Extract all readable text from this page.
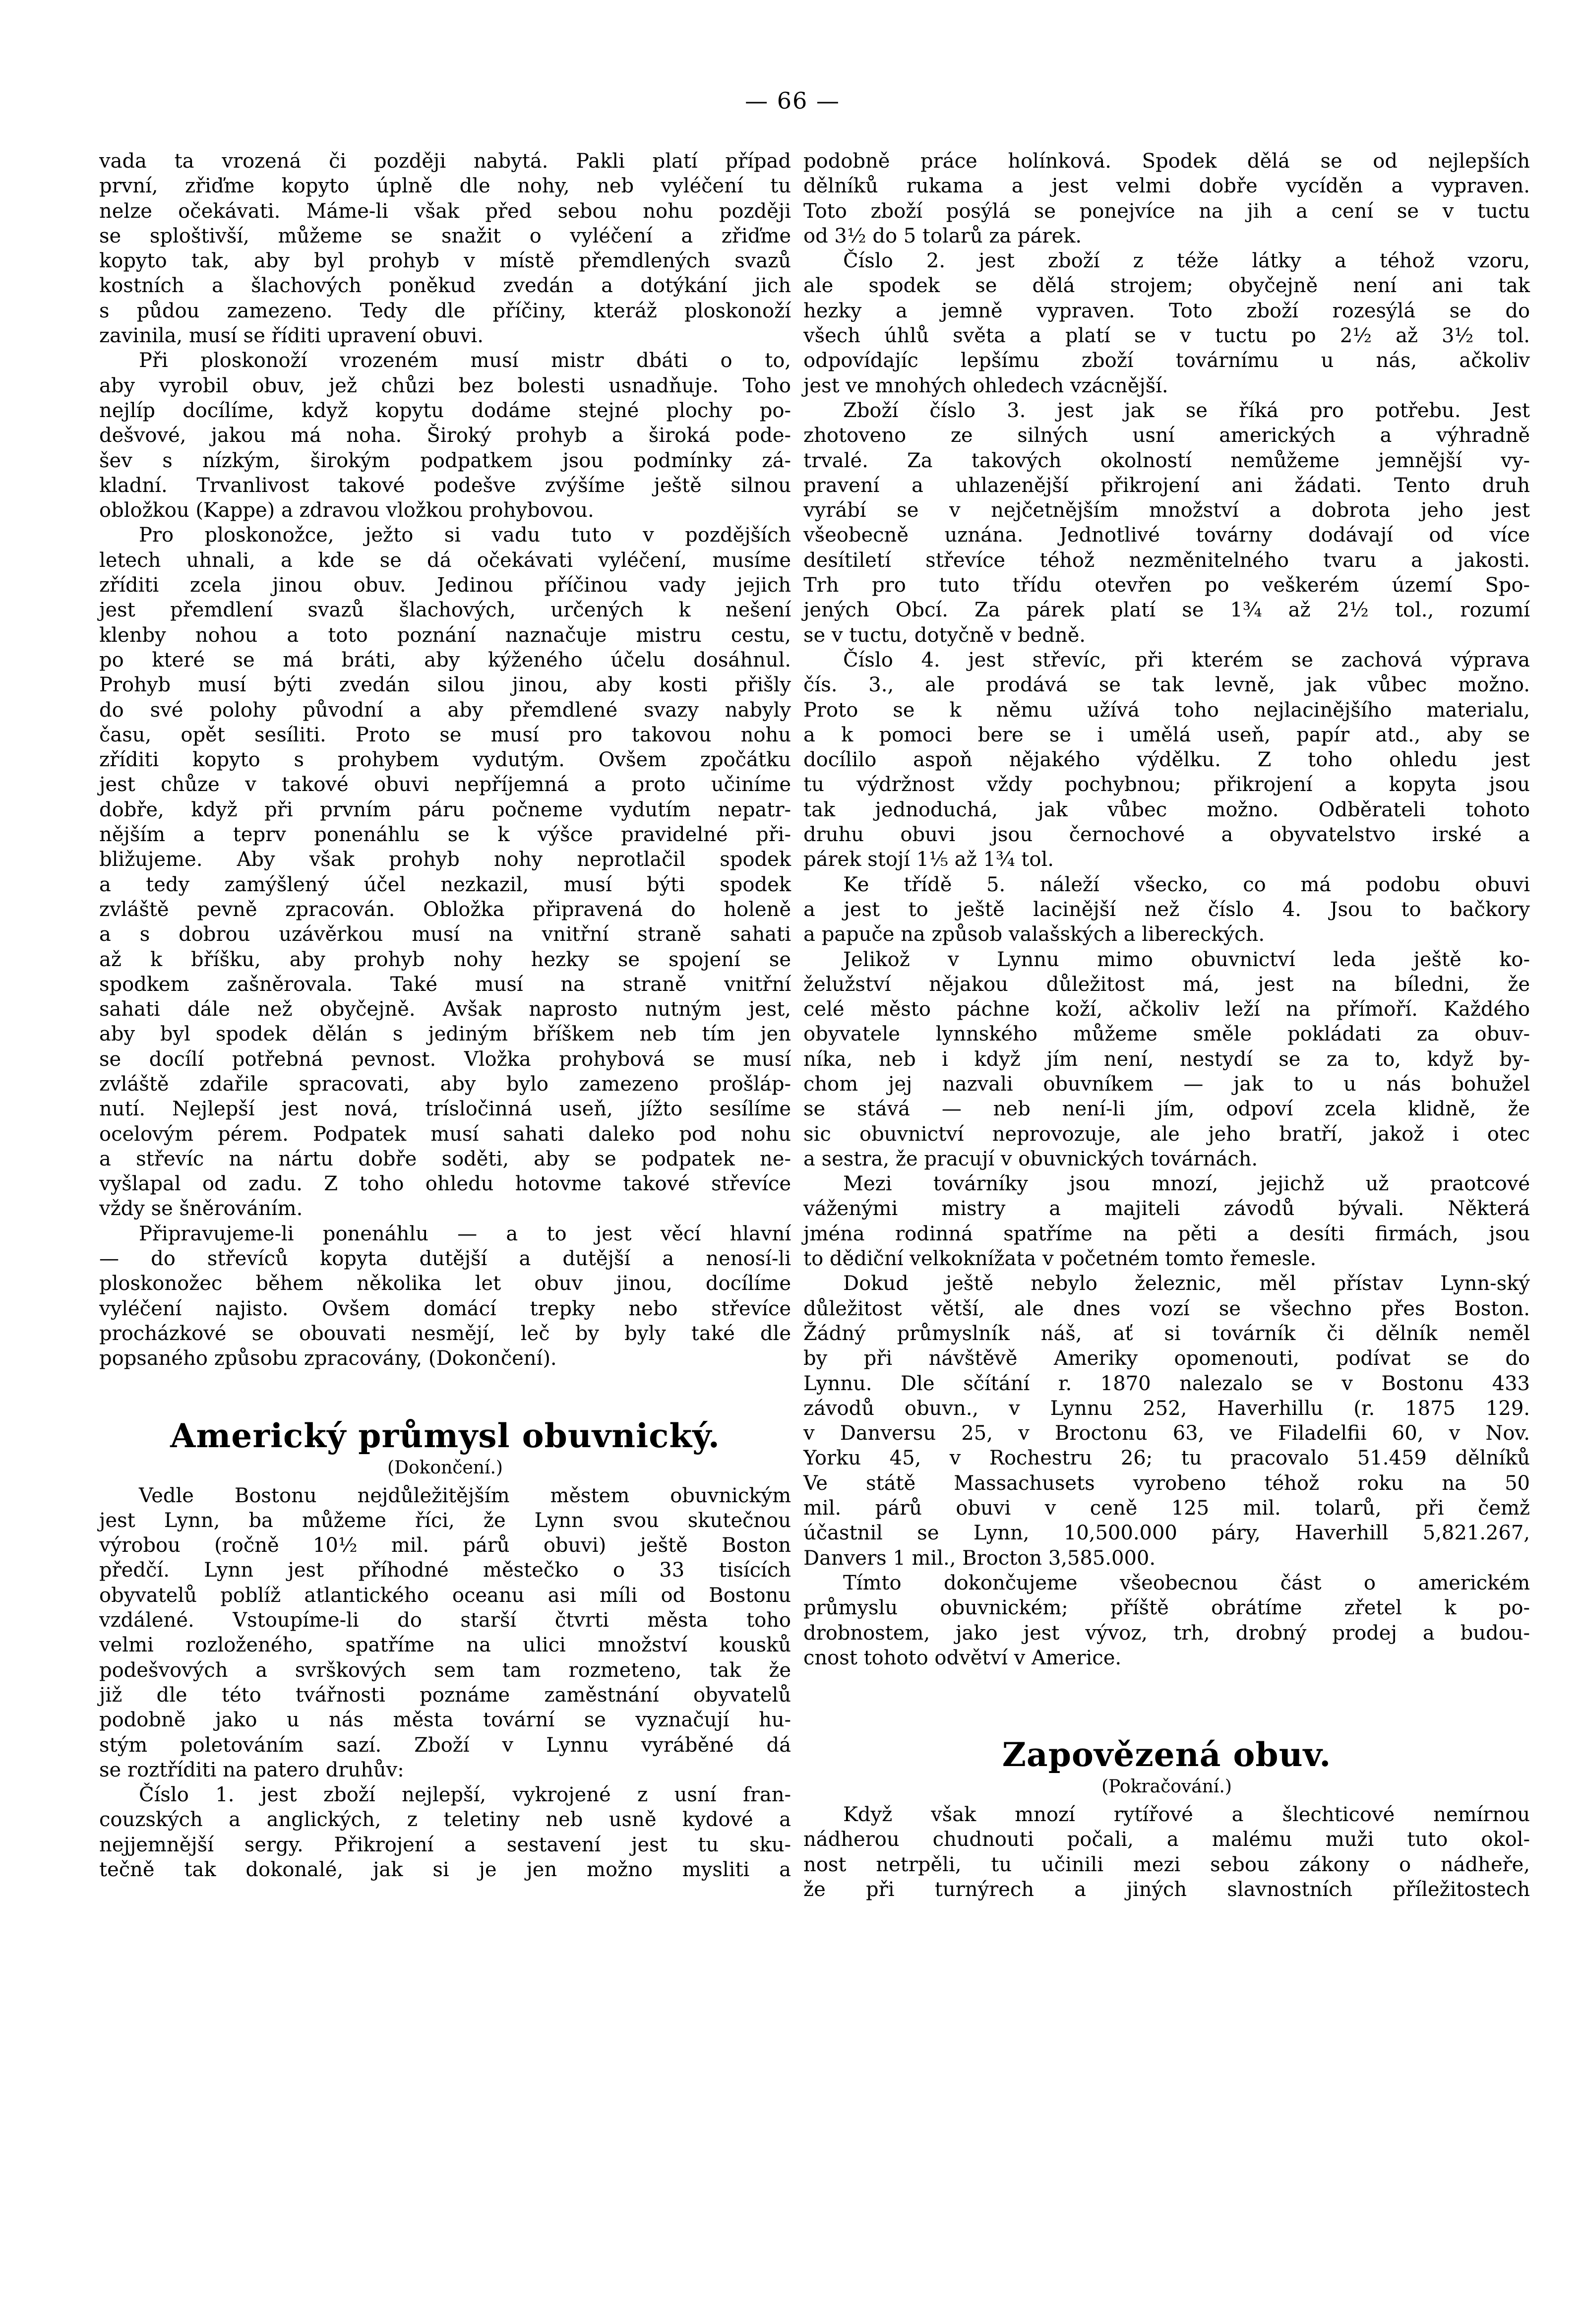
— 66 —
vada ta vrozená či později nabytá. Pakli platí případ
první, zřiďme kopyto úplně dle nohy, neb vyléčení tu
nelze očekávati. Máme-li však před sebou nohu později
se sploštivší, můžeme se snažit o vyléčení a zřiďme
kopyto tak, aby byl prohyb v místě přemdlených svazů
kostních a šlachových poněkud zvedán a dotýkání jich
s půdou zamezeno. Tedy dle příčiny, kteráž ploskonoží
zavinila, musí se říditi upravení obuvi.
Při ploskonoží vrozeném musí mistr dbáti o to,
aby vyrobil obuv, jež chůzi bez bolesti usnadňuje. Toho
nejlíp docílíme, když kopytu dodáme stejné plochy po-
dešvové, jakou má noha. Široký prohyb a široká pode-
šev s nízkým, širokým podpatkem jsou podmínky zá-
kladní. Trvanlivost takové podešve zvýšíme ještě silnou
obložkou (Kappe) a zdravou vložkou prohybovou.
Pro ploskonožce, ježto si vadu tuto v pozdějších
letech uhnali, a kde se dá očekávati vyléčení, musíme
zříditi zcela jinou obuv. Jedinou příčinou vady jejich
jest přemdlení svazů šlachových, určených k nešení
klenby nohou a toto poznání naznačuje mistru cestu,
po které se má bráti, aby kýženého účelu dosáhnul.
Prohyb musí býti zvedán silou jinou, aby kosti přišly
do své polohy původní a aby přemdlené svazy nabyly
času, opět sesíliti. Proto se musí pro takovou nohu
zříditi kopyto s prohybem vydutým. Ovšem zpočátku
jest chůze v takové obuvi nepříjemná a proto učiníme
dobře, když při prvním páru počneme vydutím nepatr-
nějším a teprv ponenáhlu se k výšce pravidelné při-
bližujeme. Aby však prohyb nohy neprotlačil spodek
a tedy zamýšlený účel nezkazil, musí býti spodek
zvláště pevně zpracován. Obložka připravená do holeně
a s dobrou uzávěrkou musí na vnitřní straně sahati
až k bříšku, aby prohyb nohy hezky se spojení se
spodkem zašněrovala. Také musí na straně vnitřní
sahati dále než obyčejně. Avšak naprosto nutným jest,
aby byl spodek dělán s jediným bříškem neb tím jen
se docílí potřebná pevnost. Vložka prohybová se musí
zvláště zdařile spracovati, aby bylo zamezeno prošláp-
nutí. Nejlepší jest nová, trísločinná useň, jížto sesílíme
ocelovým pérem. Podpatek musí sahati daleko pod nohu
a střevíc na nártu dobře soděti, aby se podpatek ne-
vyšlapal od zadu. Z toho ohledu hotovme takové střevíce
vždy se šněrováním.
Připravujeme-li ponenáhlu — a to jest věcí hlavní
— do střevíců kopyta dutější a dutější a nenosí-li
ploskonožec během několika let obuv jinou, docílíme
vyléčení najisto. Ovšem domácí trepky nebo střevíce
procházkové se obouvati nesmějí, leč by byly také dle
popsaného způsobu zpracovány, (Dokončení).
Americký průmysl obuvnický.
(Dokončení.)
Vedle Bostonu nejdůležitějším městem obuvnickým
jest Lynn, ba můžeme říci, že Lynn svou skutečnou
výrobou (ročně 10½ mil. párů obuvi) ještě Boston
předčí. Lynn jest příhodné městečko o 33 tisících
obyvatelů poblíž atlantického oceanu asi míli od Bostonu
vzdálené. Vstoupíme-li do starší čtvrti města toho
velmi rozloženého, spatříme na ulici množství kousků
podešvových a svrškových sem tam rozmeteno, tak že
již dle této tvářnosti poznáme zaměstnání obyvatelů
podobně jako u nás města tovární se vyznačují hu-
stým poletováním sazí. Zboží v Lynnu vyráběné dá
se roztříditi na patero druhův:
Číslo 1. jest zboží nejlepší, vykrojené z usní fran-
couzských a anglických, z teletiny neb usně kydové a
nejjemnější sergy. Přikrojení a sestavení jest tu sku-
tečně tak dokonalé, jak si je jen možno mysliti a
podobně práce holínková. Spodek dělá se od nejlepších
dělníků rukama a jest velmi dobře vycíděn a vypraven.
Toto zboží posýlá se ponejvíce na jih a cení se v tuctu
od 3½ do 5 tolarů za párek.
Číslo 2. jest zboží z téže látky a téhož vzoru,
ale spodek se dělá strojem; obyčejně není ani tak
hezky a jemně vypraven. Toto zboží rozesýlá se do
všech úhlů světa a platí se v tuctu po 2½ až 3½ tol.
odpovídajíc lepšímu zboží továrnímu u nás, ačkoliv
jest ve mnohých ohledech vzácnější.
Zboží číslo 3. jest jak se říká pro potřebu. Jest
zhotoveno ze silných usní amerických a výhradně
trvalé. Za takových okolností nemůžeme jemnější vy-
pravení a uhlazenější přikrojení ani žádati. Tento druh
vyrábí se v nejčetnějším množství a dobrota jeho jest
všeobecně uznána. Jednotlivé továrny dodávají od více
desítiletí střevíce téhož nezměnitelného tvaru a jakosti.
Trh pro tuto třídu otevřen po veškerém území Spo-
jených Obcí. Za párek platí se 1¾ až 2½ tol., rozumí
se v tuctu, dotyčně v bedně.
Číslo 4. jest střevíc, při kterém se zachová výprava
čís. 3., ale prodává se tak levně, jak vůbec možno.
Proto se k němu užívá toho nejlacinějšího materialu,
a k pomoci bere se i umělá useň, papír atd., aby se
docílilo aspoň nějakého výdělku. Z toho ohledu jest
tu výdržnost vždy pochybnou; přikrojení a kopyta jsou
tak jednoduchá, jak vůbec možno. Odběrateli tohoto
druhu obuvi jsou černochové a obyvatelstvo irské a
párek stojí 1⅕ až 1¾ tol.
Ke třídě 5. náleží všecko, co má podobu obuvi
a jest to ještě lacinější než číslo 4. Jsou to bačkory
a papuče na způsob valašských a libereckých.
Jelikož v Lynnu mimo obuvnictví leda ještě ko-
želužství nějakou důležitost má, jest na bíledni, že
celé město páchne koží, ačkoliv leží na přímoří. Každého
obyvatele lynnského můžeme směle pokládati za obuv-
níka, neb i když jím není, nestydí se za to, když by-
chom jej nazvali obuvníkem — jak to u nás bohužel
se stává — neb není-li jím, odpoví zcela klidně, že
sic obuvnictví neprovozuje, ale jeho bratří, jakož i otec
a sestra, že pracují v obuvnických továrnách.
Mezi továrníky jsou mnozí, jejichž už praotcové
váženými mistry a majiteli závodů bývali. Některá
jména rodinná spatříme na pěti a desíti firmách, jsou
to dědiční velkoknížata v početném tomto řemesle.
Dokud ještě nebylo železnic, měl přístav Lynn-ský
důležitost větší, ale dnes vozí se všechno přes Boston.
Žádný průmyslník náš, ať si továrník či dělník neměl
by při návštěvě Ameriky opomenouti, podívat se do
Lynnu. Dle sčítání r. 1870 nalezalo se v Bostonu 433
závodů obuvn., v Lynnu 252, Haverhillu (r. 1875 129.
v Danversu 25, v Broctonu 63, ve Filadelfii 60, v Nov.
Yorku 45, v Rochestru 26; tu pracovalo 51.459 dělníků
Ve státě Massachusets vyrobeno téhož roku na 50
mil. párů obuvi v ceně 125 mil. tolarů, při čemž
účastnil se Lynn, 10,500.000 páry, Haverhill 5,821.267,
Danvers 1 mil., Brocton 3,585.000.
Tímto dokončujeme všeobecnou část o americkém
průmyslu obuvnickém; příště obrátíme zřetel k po-
drobnostem, jako jest vývoz, trh, drobný prodej a budou-
cnost tohoto odvětví v Americe.
Zapovězená obuv.
(Pokračování.)
Když však mnozí rytířové a šlechticové nemírnou
nádherou chudnouti počali, a malému muži tuto okol-
nost netrpěli, tu učinili mezi sebou zákony o nádheře,
že při turnýrech a jiných slavnostních příležitostech
